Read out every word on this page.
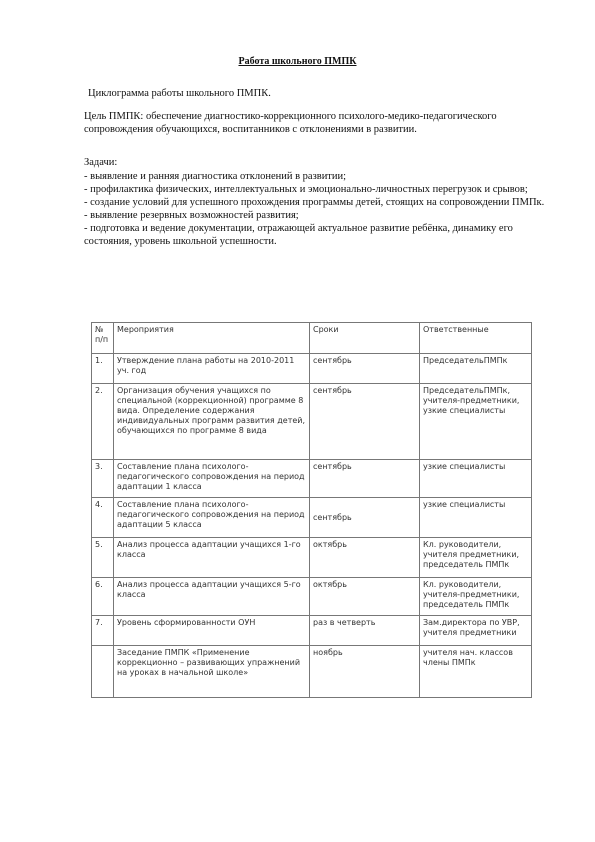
Работа школьного ПМПК
Циклограмма работы школьного ПМПК.
Цель ПМПК: обеспечение диагностико-коррекционного психолого-медико-педагогического сопровождения обучающихся, воспитанников с отклонениями в развитии.
Задачи:
- выявление и ранняя диагностика отклонений в развитии;
- профилактика физических, интеллектуальных и эмоционально-личностных перегрузок и срывов;
- создание условий для успешного прохождения программы детей, стоящих на сопровождении ПМПк.
- выявление резервных возможностей развития;
- подготовка и ведение документации, отражающей актуальное развитие ребёнка, динамику его состояния, уровень школьной успешности.
№ п/п	Мероприятия	Сроки	Ответственные
1.	Утверждение плана работы на 2010-2011 уч. год	сентябрь	ПредседательПМПк
2.	Организация обучения учащихся по специальной (коррекционной) программе 8 вида. Определение содержания индивидуальных программ развития детей, обучающихся по программе 8 вида	сентябрь	ПредседательПМПк, учителя-предметники, узкие специалисты
3.	Составление плана психолого-педагогического сопровождения на период адаптации 1 класса	сентябрь	узкие специалисты
4.	Составление плана психолого-педагогического сопровождения на период адаптации 5 класса	сентябрь	узкие специалисты
5.	Анализ процесса адаптации учащихся 1-го класса	октябрь	Кл. руководители, учителя предметники, председатель ПМПк
6.	Анализ процесса адаптации учащихся 5-го класса	октябрь	Кл. руководители, учителя-предметники, председатель ПМПк
7.	Уровень сформированности ОУН	раз в четверть	Зам.директора по УВР, учителя предметники
	Заседание ПМПК «Применение коррекционно – развивающих упражнений на уроках в начальной школе»	ноябрь	учителя нач. классов члены ПМПк
